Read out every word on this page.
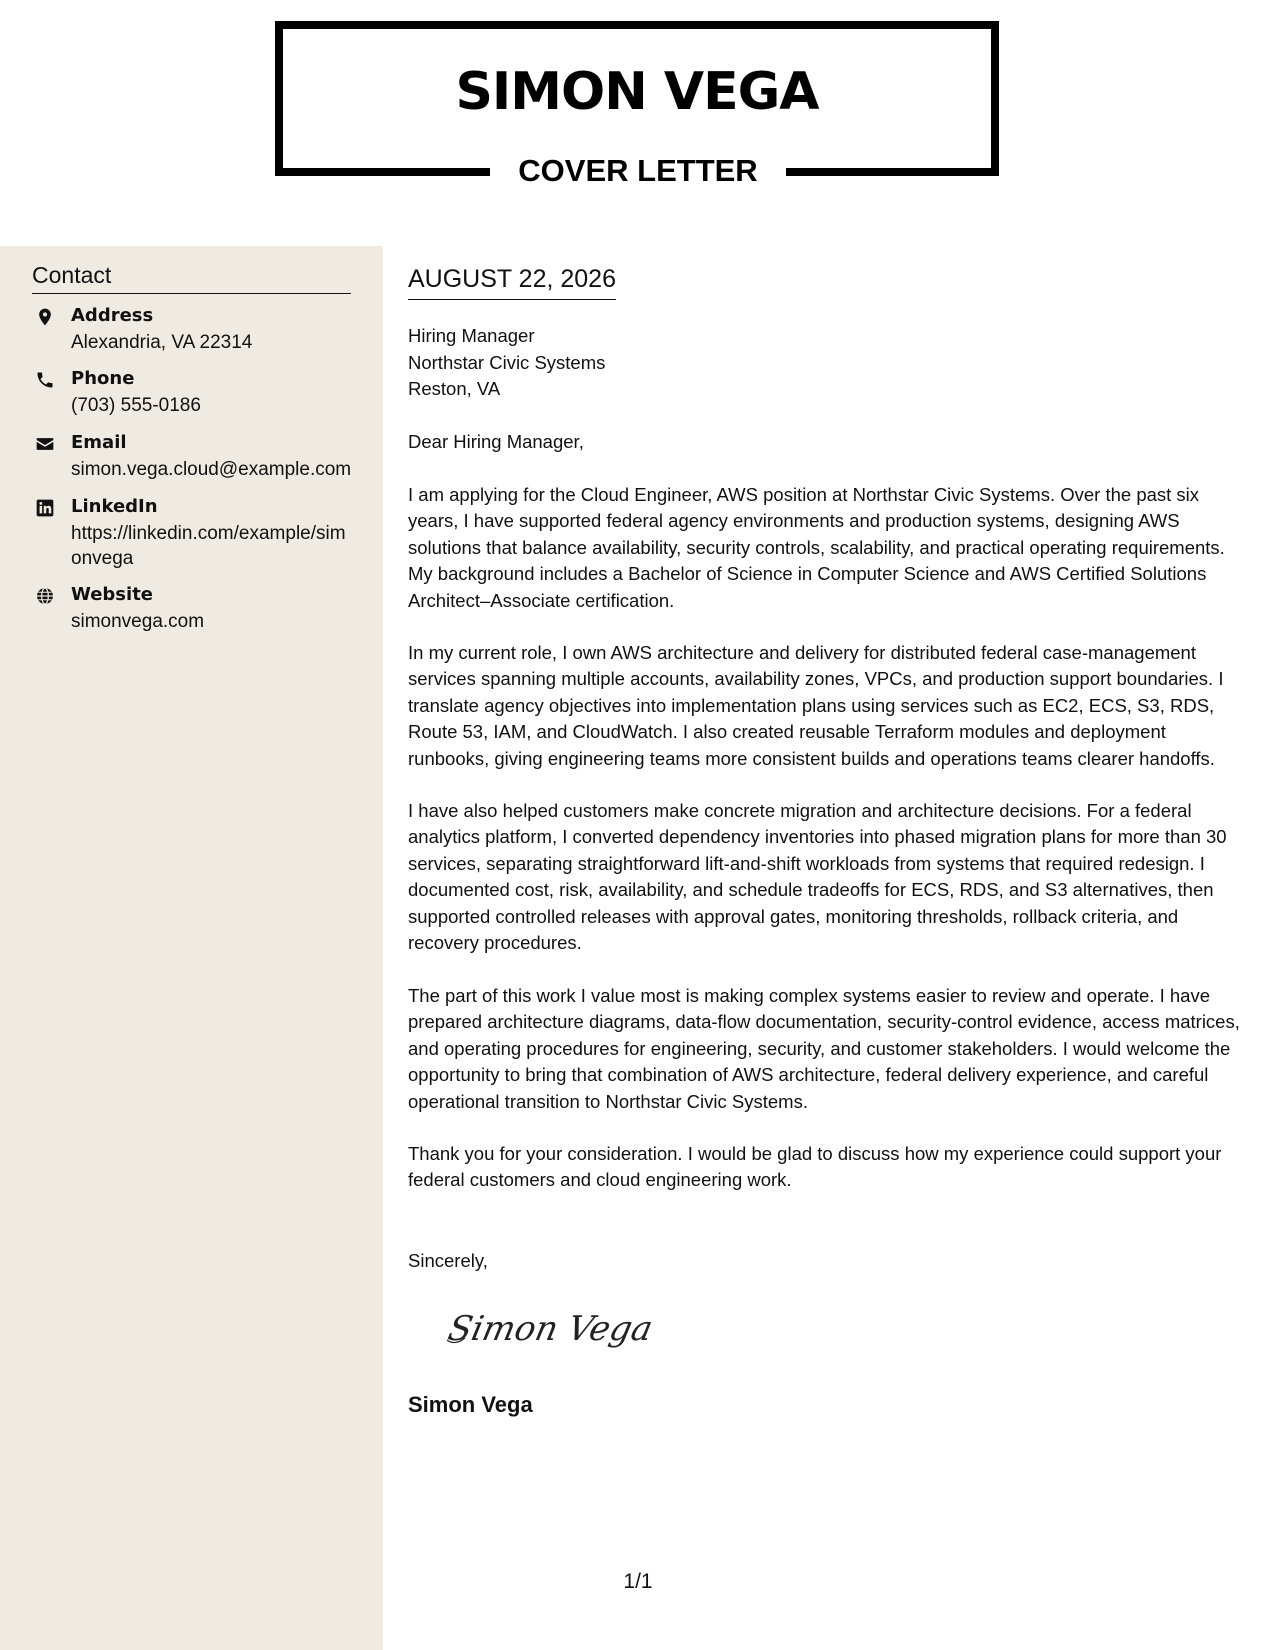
SIMON VEGA
COVER LETTER
Contact
Address
Alexandria, VA 22314
Phone
(703) 555-0186
Email
simon.vega.cloud@example.com
LinkedIn
https://linkedin.com/example/simonvega
Website
simonvega.com
AUGUST 22, 2026
Hiring Manager
Northstar Civic Systems
Reston, VA
Dear Hiring Manager,

I am applying for the Cloud Engineer, AWS position at Northstar Civic Systems. Over the past six years, I have supported federal agency environments and production systems, designing AWS solutions that balance availability, security controls, scalability, and practical operating requirements. My background includes a Bachelor of Science in Computer Science and AWS Certified Solutions Architect–Associate certification.

In my current role, I own AWS architecture and delivery for distributed federal case-management services spanning multiple accounts, availability zones, VPCs, and production support boundaries. I translate agency objectives into implementation plans using services such as EC2, ECS, S3, RDS, Route 53, IAM, and CloudWatch. I also created reusable Terraform modules and deployment runbooks, giving engineering teams more consistent builds and operations teams clearer handoffs.

I have also helped customers make concrete migration and architecture decisions. For a federal analytics platform, I converted dependency inventories into phased migration plans for more than 30 services, separating straightforward lift-and-shift workloads from systems that required redesign. I documented cost, risk, availability, and schedule tradeoffs for ECS, RDS, and S3 alternatives, then supported controlled releases with approval gates, monitoring thresholds, rollback criteria, and recovery procedures.

The part of this work I value most is making complex systems easier to review and operate. I have prepared architecture diagrams, data-flow documentation, security-control evidence, access matrices, and operating procedures for engineering, security, and customer stakeholders. I would welcome the opportunity to bring that combination of AWS architecture, federal delivery experience, and careful operational transition to Northstar Civic Systems.

Thank you for your consideration. I would be glad to discuss how my experience could support your federal customers and cloud engineering work.

Sincerely,
Simon Vega
Simon Vega
1/1
